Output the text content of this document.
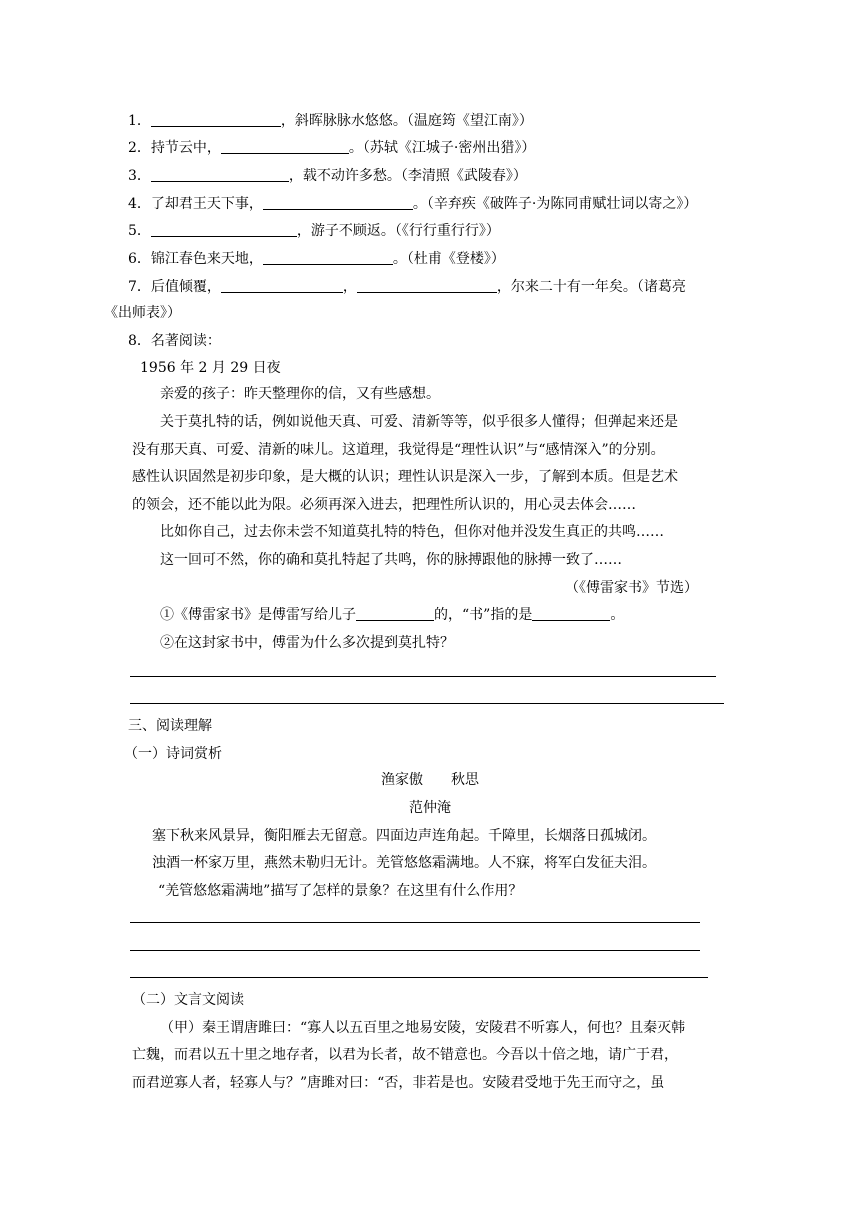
1．	，斜晖脉脉水悠悠。（温庭筠《望江南》）
2．持节云中，	。（苏轼《江城子·密州出猎》）
3．	，载不动许多愁。（李清照《武陵春》）
4．了却君王天下事，	。（辛弃疾《破阵子·为陈同甫赋壮词以寄之》）
5．	，游子不顾返。（《行行重行行》）
6．锦江春色来天地，	。（杜甫《登楼》）
7．后值倾覆，	，	，尔来二十有一年矣。（诸葛亮
《出师表》）
8．名著阅读：
1956 年 2 月 29 日夜
亲爱的孩子：昨天整理你的信，又有些感想。
关于莫扎特的话，例如说他天真、可爱、清新等等，似乎很多人懂得；但弹起来还是
没有那天真、可爱、清新的味儿。这道理，我觉得是“理性认识”与“感情深入”的分别。
感性认识固然是初步印象，是大概的认识；理性认识是深入一步，了解到本质。但是艺术
的领会，还不能以此为限。必须再深入进去，把理性所认识的，用心灵去体会……
比如你自己，过去你未尝不知道莫扎特的特色，但你对他并没发生真正的共鸣……
这一回可不然，你的确和莫扎特起了共鸣，你的脉搏跟他的脉搏一致了……
（《傅雷家书》节选）
①《傅雷家书》是傅雷写给儿子	的，“书”指的是	。
②在这封家书中，傅雷为什么多次提到莫扎特？
三、阅读理解
（一）诗词赏析
渔家傲　　秋思
范仲淹
塞下秋来风景异，衡阳雁去无留意。四面边声连角起。千障里，长烟落日孤城闭。
浊酒一杯家万里，燕然未勒归无计。羌管悠悠霜满地。人不寐，将军白发征夫泪。
“羌管悠悠霜满地”描写了怎样的景象？在这里有什么作用？
（二）文言文阅读
（甲）秦王谓唐雎曰：“寡人以五百里之地易安陵，安陵君不听寡人，何也？且秦灭韩
亡魏，而君以五十里之地存者，以君为长者，故不错意也。今吾以十倍之地，请广于君，
而君逆寡人者，轻寡人与？”唐雎对曰：“否，非若是也。安陵君受地于先王而守之，虽
